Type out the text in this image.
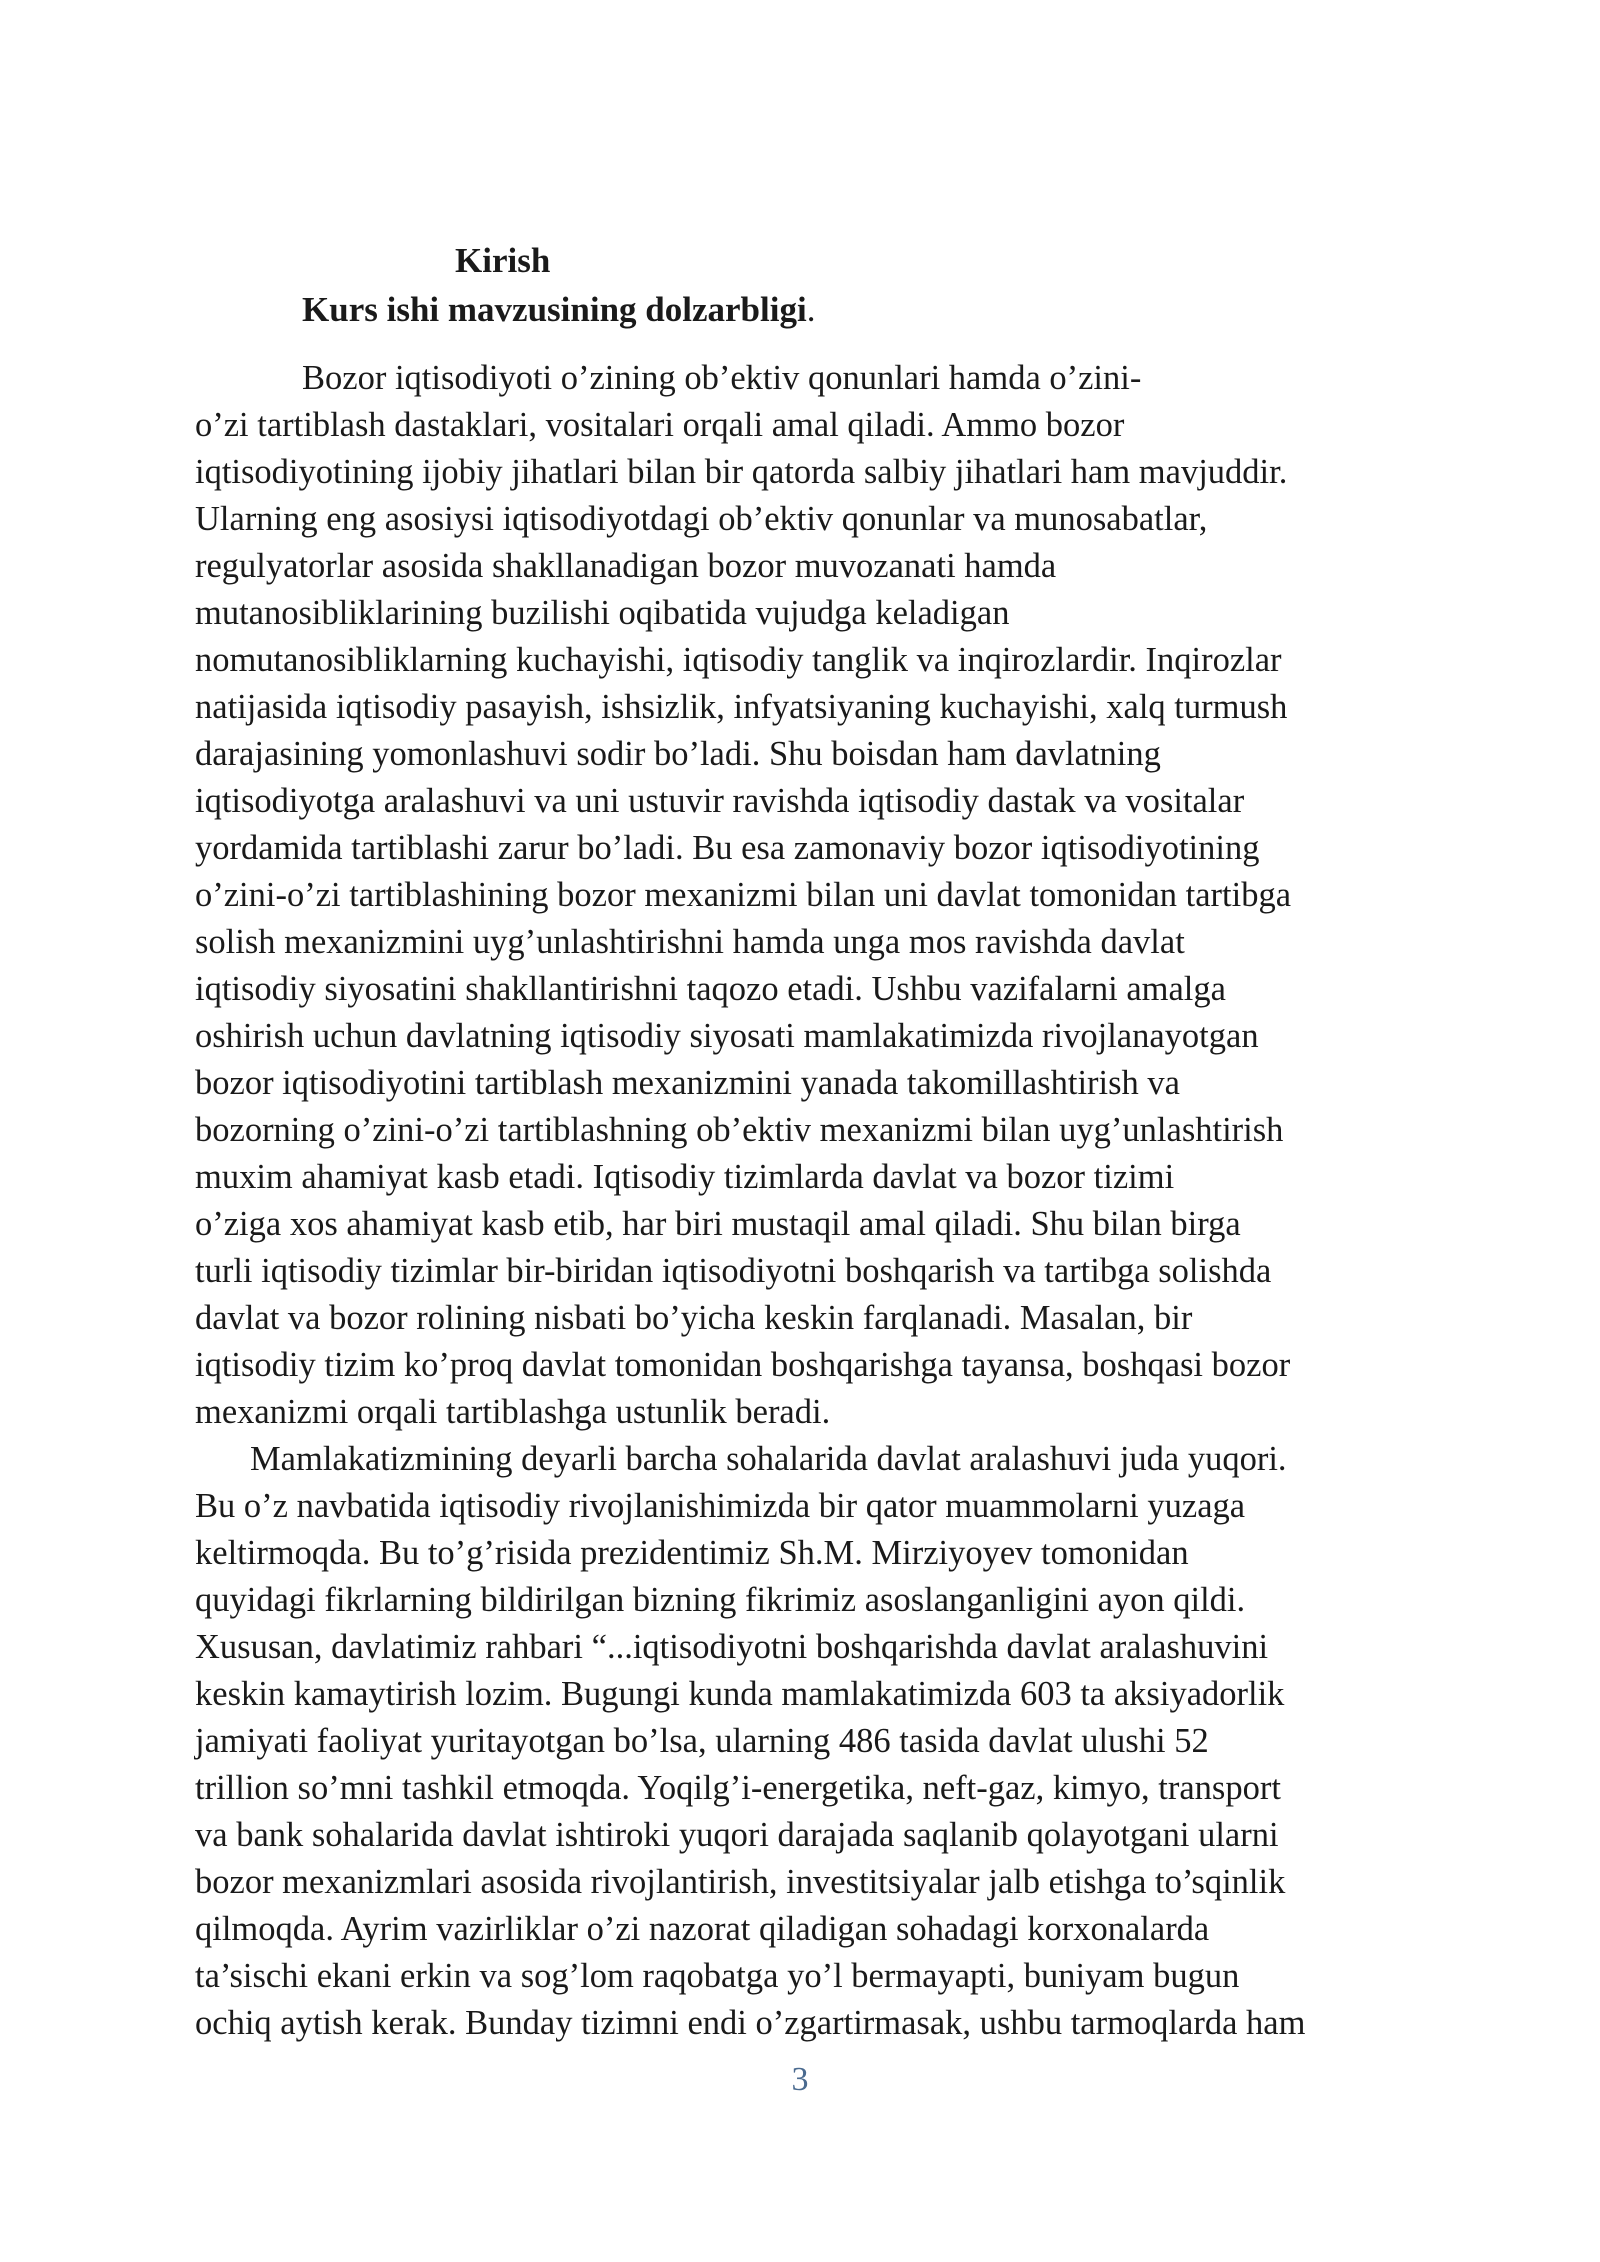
Kirish
Kurs ishi mavzusining dolzarbligi.
Bozor iqtisodiyoti o’zining ob’ektiv qonunlari hamda o’zini-
o’zi tartiblash dastaklari, vositalari orqali amal qiladi. Ammo bozor
iqtisodiyotining ijobiy jihatlari bilan bir qatorda salbiy jihatlari ham mavjuddir.
Ularning eng asosiysi iqtisodiyotdagi ob’ektiv qonunlar va munosabatlar,
regulyatorlar asosida shakllanadigan bozor muvozanati hamda
mutanosibliklarining buzilishi oqibatida vujudga keladigan
nomutanosibliklarning kuchayishi, iqtisodiy tanglik va inqirozlardir. Inqirozlar
natijasida iqtisodiy pasayish, ishsizlik, infyatsiyaning kuchayishi, xalq turmush
darajasining yomonlashuvi sodir bo’ladi. Shu boisdan ham davlatning
iqtisodiyotga aralashuvi va uni ustuvir ravishda iqtisodiy dastak va vositalar
yordamida tartiblashi zarur bo’ladi. Bu esa zamonaviy bozor iqtisodiyotining
o’zini-o’zi tartiblashining bozor mexanizmi bilan uni davlat tomonidan tartibga
solish mexanizmini uyg’unlashtirishni hamda unga mos ravishda davlat
iqtisodiy siyosatini shakllantirishni taqozo etadi. Ushbu vazifalarni amalga
oshirish uchun davlatning iqtisodiy siyosati mamlakatimizda rivojlanayotgan
bozor iqtisodiyotini tartiblash mexanizmini yanada takomillashtirish va
bozorning o’zini-o’zi tartiblashning ob’ektiv mexanizmi bilan uyg’unlashtirish
muxim ahamiyat kasb etadi. Iqtisodiy tizimlarda davlat va bozor tizimi
o’ziga xos ahamiyat kasb etib, har biri mustaqil amal qiladi. Shu bilan birga
turli iqtisodiy tizimlar bir-biridan iqtisodiyotni boshqarish va tartibga solishda
davlat va bozor rolining nisbati bo’yicha keskin farqlanadi. Masalan, bir
iqtisodiy tizim ko’proq davlat tomonidan boshqarishga tayansa, boshqasi bozor
mexanizmi orqali tartiblashga ustunlik beradi.
Mamlakatizmining deyarli barcha sohalarida davlat aralashuvi juda yuqori.
Bu o’z navbatida iqtisodiy rivojlanishimizda bir qator muammolarni yuzaga
keltirmoqda. Bu to’g’risida prezidentimiz Sh.M. Mirziyoyev tomonidan
quyidagi fikrlarning bildirilgan bizning fikrimiz asoslanganligini ayon qildi.
Xususan, davlatimiz rahbari “...iqtisodiyotni boshqarishda davlat aralashuvini
keskin kamaytirish lozim. Bugungi kunda mamlakatimizda 603 ta aksiyadorlik
jamiyati faoliyat yuritayotgan bo’lsa, ularning 486 tasida davlat ulushi 52
trillion so’mni tashkil etmoqda. Yoqilg’i-energetika, neft-gaz, kimyo, transport
va bank sohalarida davlat ishtiroki yuqori darajada saqlanib qolayotgani ularni
bozor mexanizmlari asosida rivojlantirish, investitsiyalar jalb etishga to’sqinlik
qilmoqda. Ayrim vazirliklar o’zi nazorat qiladigan sohadagi korxonalarda
ta’sischi ekani erkin va sog’lom raqobatga yo’l bermayapti, buniyam bugun
ochiq aytish kerak. Bunday tizimni endi o’zgartirmasak, ushbu tarmoqlarda ham
3
